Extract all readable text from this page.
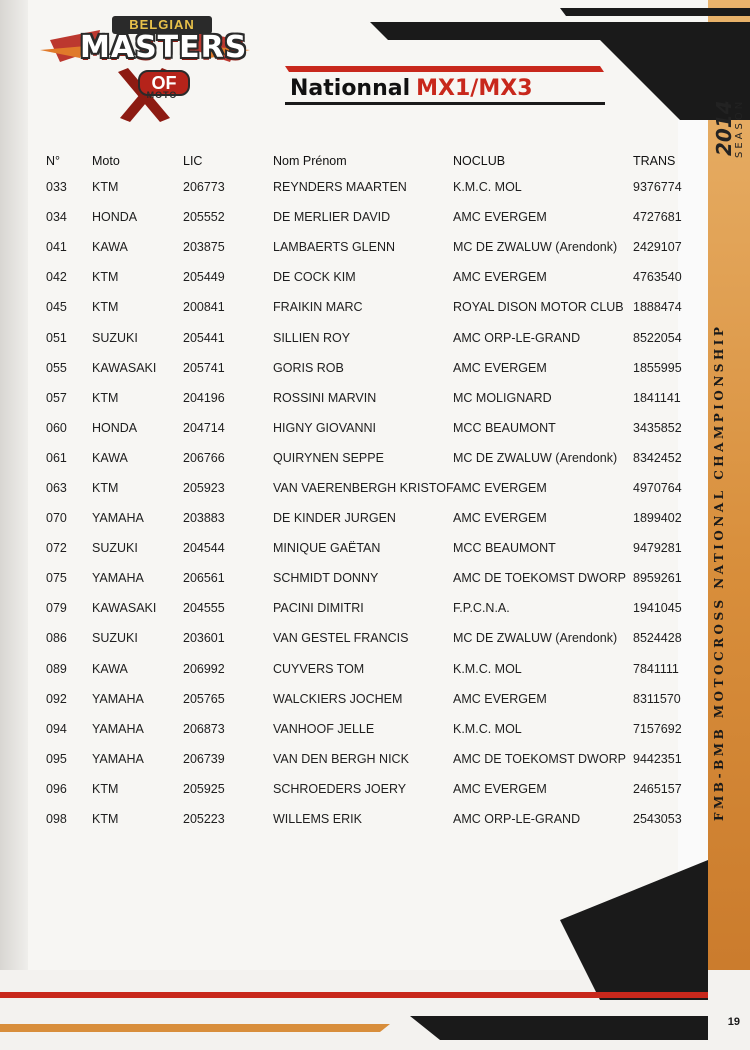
BELGIAN
MASTERS
OF
MOTO	Nationnal MX1/MX3
2014
SEASON
FMB-BMB MOTOCROSS NATIONAL CHAMPIONSHIP
N°	Moto	LIC	Nom Prénom	NOCLUB	TRANS
033	KTM	206773	REYNDERS MAARTEN	K.M.C. MOL	9376774
034	HONDA	205552	DE MERLIER DAVID	AMC EVERGEM	4727681
041	KAWA	203875	LAMBAERTS GLENN	MC DE ZWALUW (Arendonk)	2429107
042	KTM	205449	DE COCK KIM	AMC EVERGEM	4763540
045	KTM	200841	FRAIKIN MARC	ROYAL DISON MOTOR CLUB	1888474
051	SUZUKI	205441	SILLIEN ROY	AMC ORP-LE-GRAND	8522054
055	KAWASAKI	205741	GORIS ROB	AMC EVERGEM	1855995
057	KTM	204196	ROSSINI MARVIN	MC MOLIGNARD	1841141
060	HONDA	204714	HIGNY GIOVANNI	MCC BEAUMONT	3435852
061	KAWA	206766	QUIRYNEN SEPPE	MC DE ZWALUW (Arendonk)	8342452
063	KTM	205923	VAN VAERENBERGH KRISTOF	AMC EVERGEM	4970764
070	YAMAHA	203883	DE KINDER JURGEN	AMC EVERGEM	1899402
072	SUZUKI	204544	MINIQUE GAËTAN	MCC BEAUMONT	9479281
075	YAMAHA	206561	SCHMIDT DONNY	AMC DE TOEKOMST DWORP	8959261
079	KAWASAKI	204555	PACINI DIMITRI	F.P.C.N.A.	1941045
086	SUZUKI	203601	VAN GESTEL FRANCIS	MC DE ZWALUW (Arendonk)	8524428
089	KAWA	206992	CUYVERS TOM	K.M.C. MOL	7841111
092	YAMAHA	205765	WALCKIERS JOCHEM	AMC EVERGEM	8311570
094	YAMAHA	206873	VANHOOF JELLE	K.M.C. MOL	7157692
095	YAMAHA	206739	VAN DEN BERGH NICK	AMC DE TOEKOMST DWORP	9442351
096	KTM	205925	SCHROEDERS JOERY	AMC EVERGEM	2465157
098	KTM	205223	WILLEMS ERIK	AMC ORP-LE-GRAND	2543053
19
